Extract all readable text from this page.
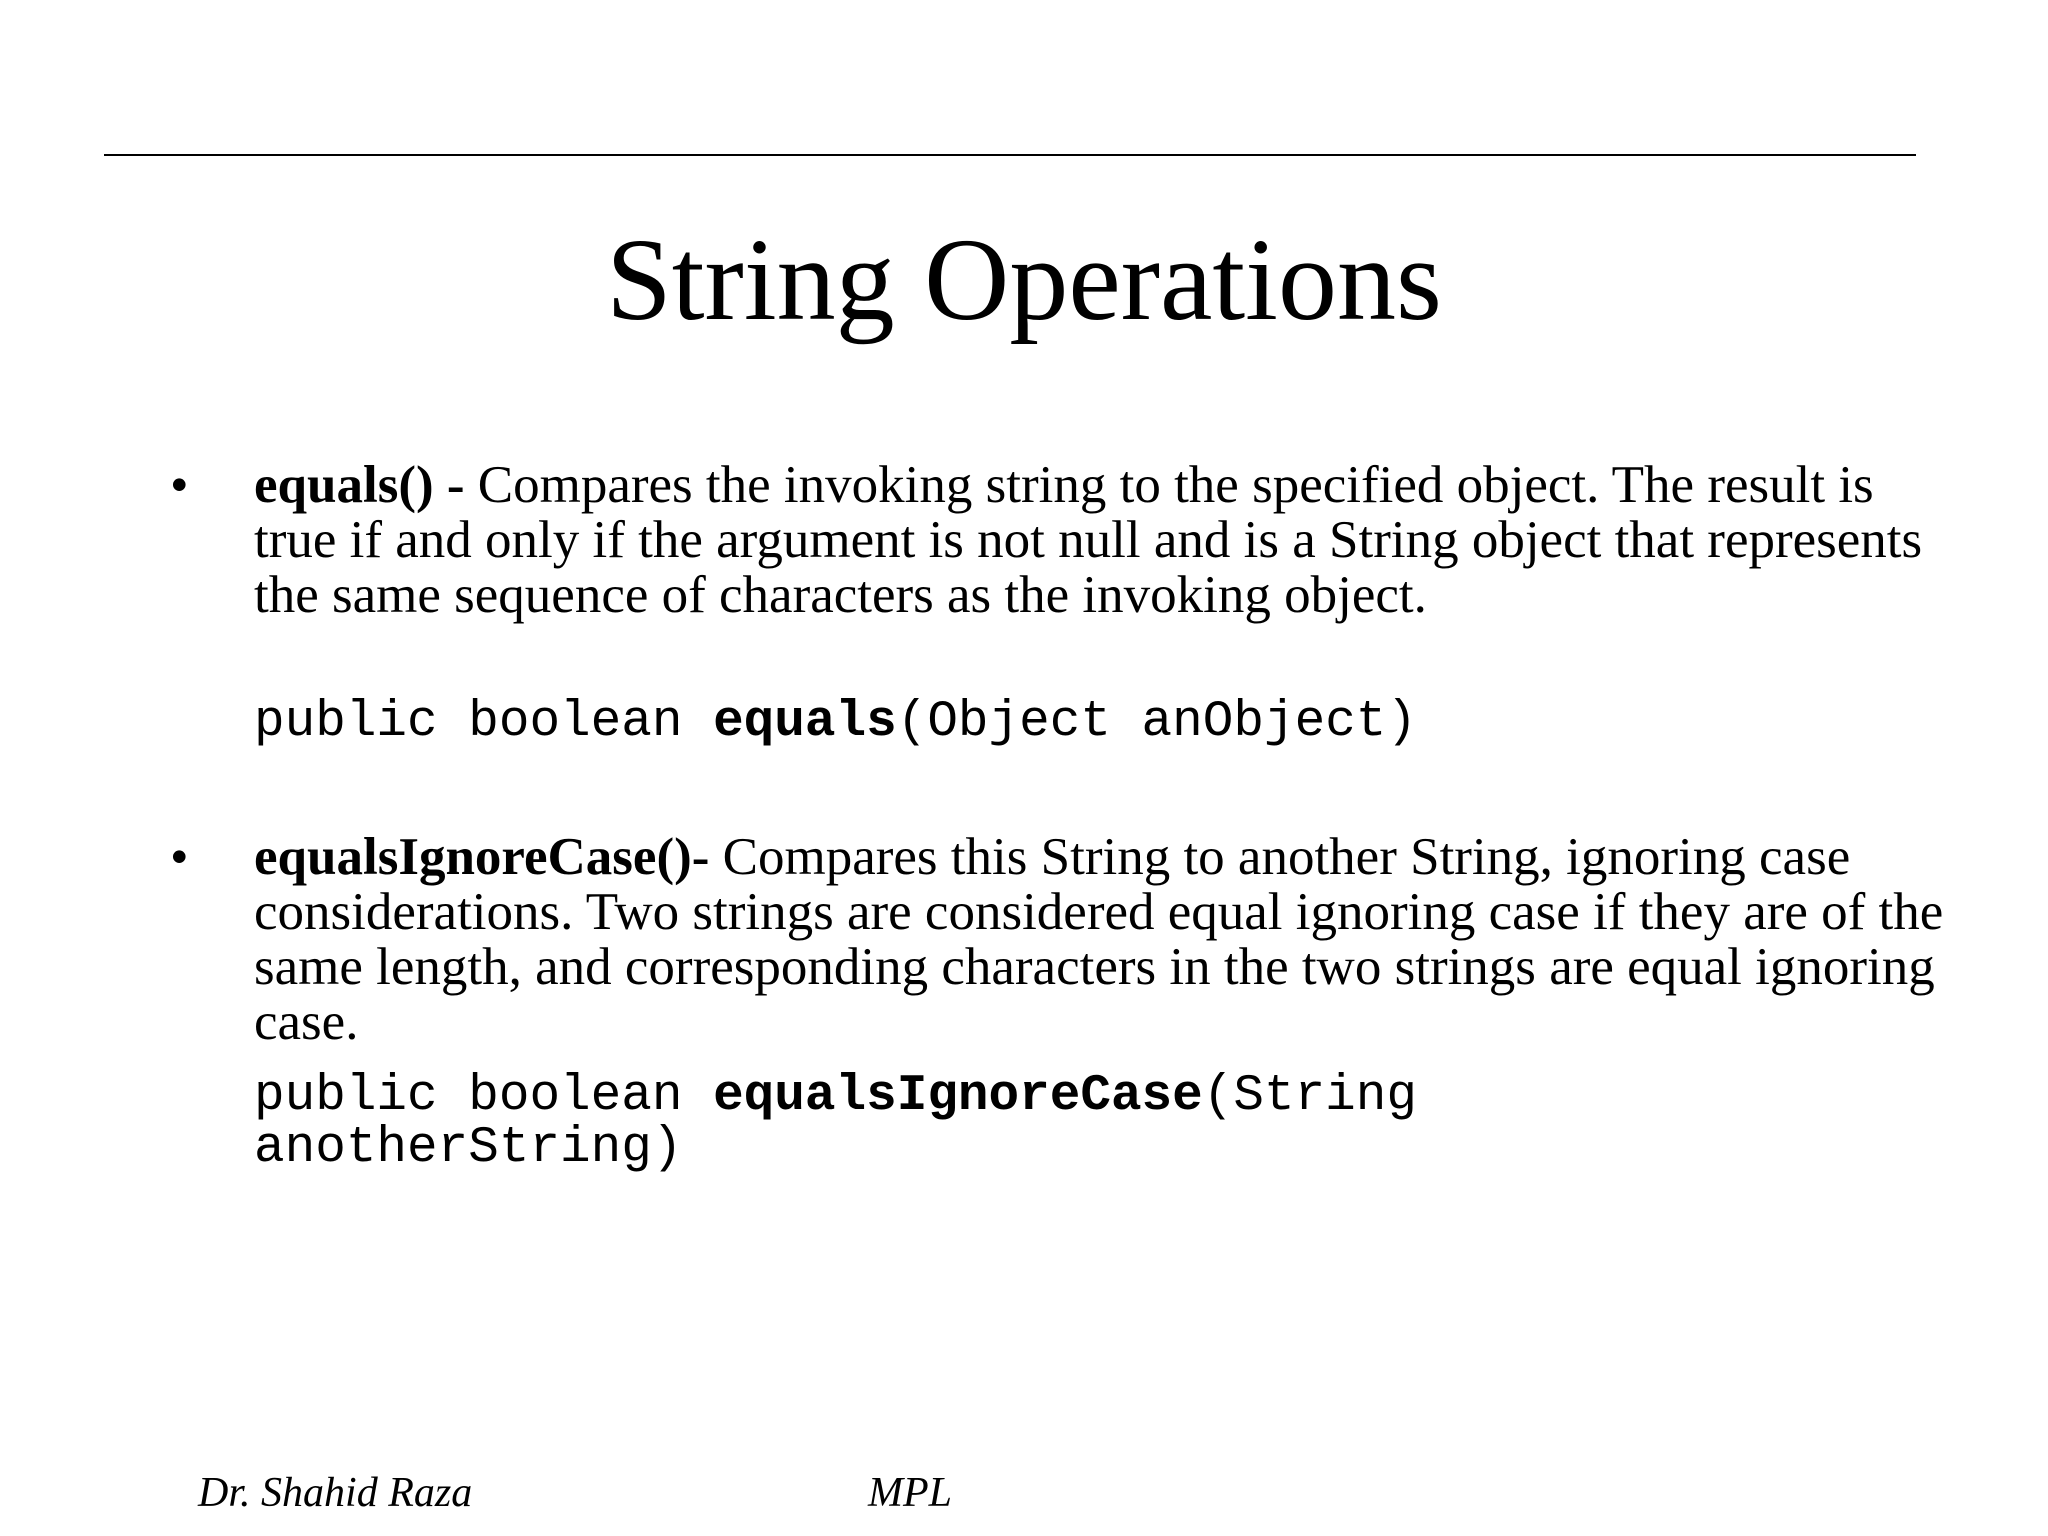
String Operations
• equals() - Compares the invoking string to the specified object. The result is true if and only if the argument is not null and is a String object that represents the same sequence of characters as the invoking object.

public boolean equals(Object anObject)

• equalsIgnoreCase()- Compares this String to another String, ignoring case considerations. Two strings are considered equal ignoring case if they are of the same length, and corresponding characters in the two strings are equal ignoring case.

public boolean equalsIgnoreCase(String
anotherString)

Dr. Shahid Raza	MPL
